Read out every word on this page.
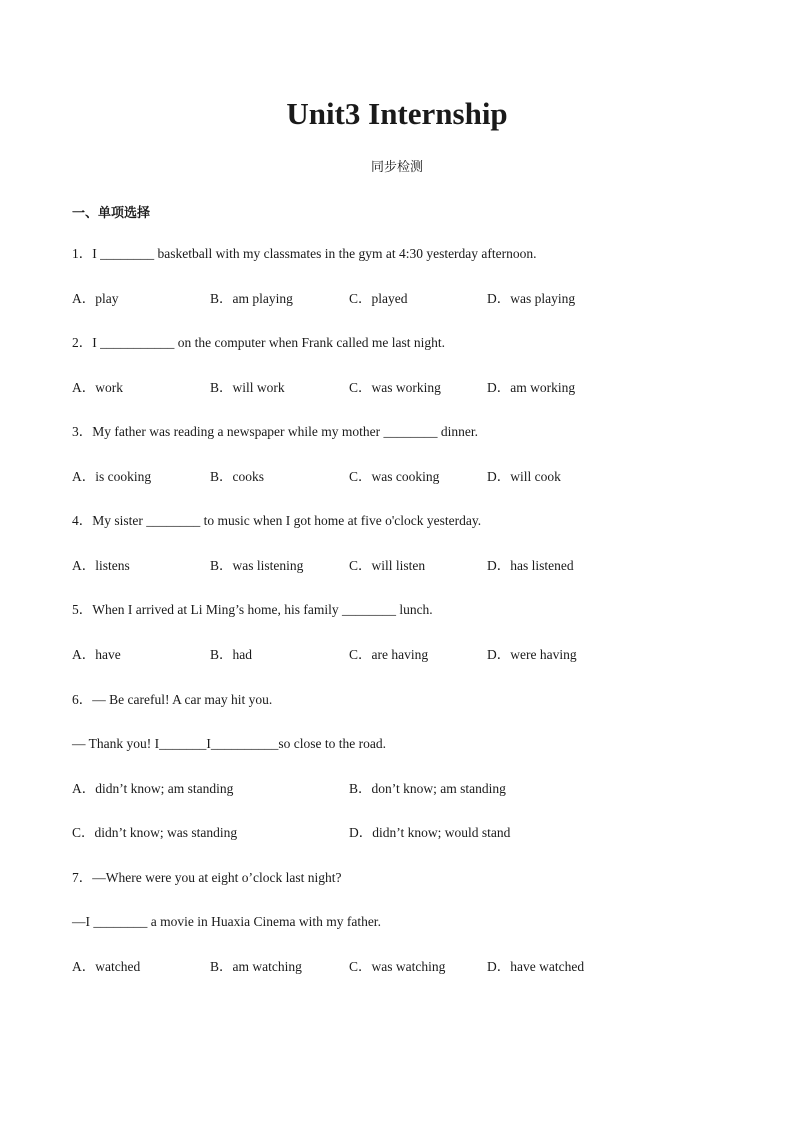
Unit3 Internship
同步检测
一、单项选择
1．I ________ basketball with my classmates in the gym at 4:30 yesterday afternoon.
A．play	B．am playing	C．played	D．was playing
2．I ___________ on the computer when Frank called me last night.
A．work	B．will work	C．was working	D．am working
3．My father was reading a newspaper while my mother ________ dinner.
A．is cooking	B．cooks	C．was cooking	D．will cook
4．My sister ________ to music when I got home at five o'clock yesterday.
A．listens	B．was listening	C．will listen	D．has listened
5．When I arrived at Li Ming’s home, his family ________ lunch.
A．have	B．had	C．are having	D．were having
6．— Be careful! A car may hit you.
— Thank you! I_______I__________so close to the road.
A．didn’t know; am standing	B．don’t know; am standing
C．didn’t know; was standing	D．didn’t know; would stand
7．—Where were you at eight o’clock last night?
—I ________ a movie in Huaxia Cinema with my father.
A．watched	B．am watching	C．was watching	D．have watched
